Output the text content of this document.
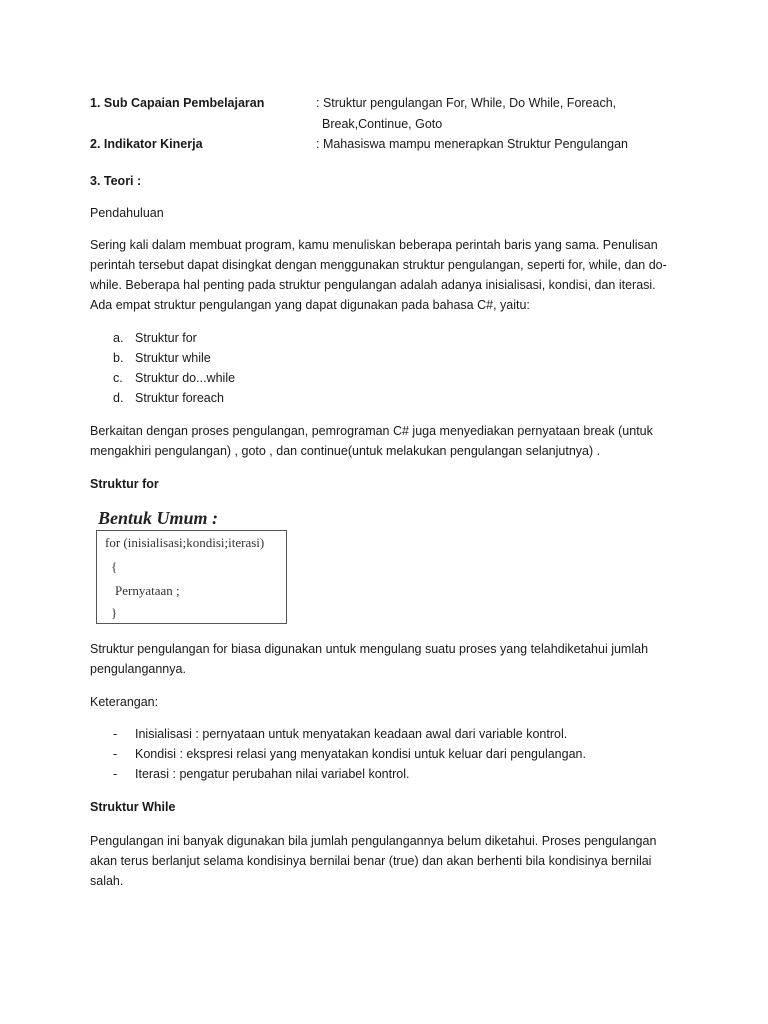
1. Sub Capaian Pembelajaran	: Struktur pengulangan For, While, Do While, Foreach,
Break,Continue, Goto
2. Indikator Kinerja	: Mahasiswa mampu menerapkan Struktur Pengulangan
3. Teori :
Pendahuluan
Sering kali dalam membuat program, kamu menuliskan beberapa perintah baris yang sama. Penulisan perintah tersebut dapat disingkat dengan menggunakan struktur pengulangan, seperti for, while, dan do-while. Beberapa hal penting pada struktur pengulangan adalah adanya inisialisasi, kondisi, dan iterasi. Ada empat struktur pengulangan yang dapat digunakan pada bahasa C#, yaitu:
a. Struktur for
b. Struktur while
c. Struktur do...while
d. Struktur foreach
Berkaitan dengan proses pengulangan, pemrograman C# juga menyediakan pernyataan break (untuk mengakhiri pengulangan) , goto , dan continue(untuk melakukan pengulangan selanjutnya) .
Struktur for
Bentuk Umum :
for (inisialisasi;kondisi;iterasi)
{
Pernyataan ;
}
Struktur pengulangan for biasa digunakan untuk mengulang suatu proses yang telahdiketahui jumlah pengulangannya.
Keterangan:
- Inisialisasi : pernyataan untuk menyatakan keadaan awal dari variable kontrol.
- Kondisi : ekspresi relasi yang menyatakan kondisi untuk keluar dari pengulangan.
- Iterasi : pengatur perubahan nilai variabel kontrol.
Struktur While
Pengulangan ini banyak digunakan bila jumlah pengulangannya belum diketahui. Proses pengulangan akan terus berlanjut selama kondisinya bernilai benar (true) dan akan berhenti bila kondisinya bernilai salah.
